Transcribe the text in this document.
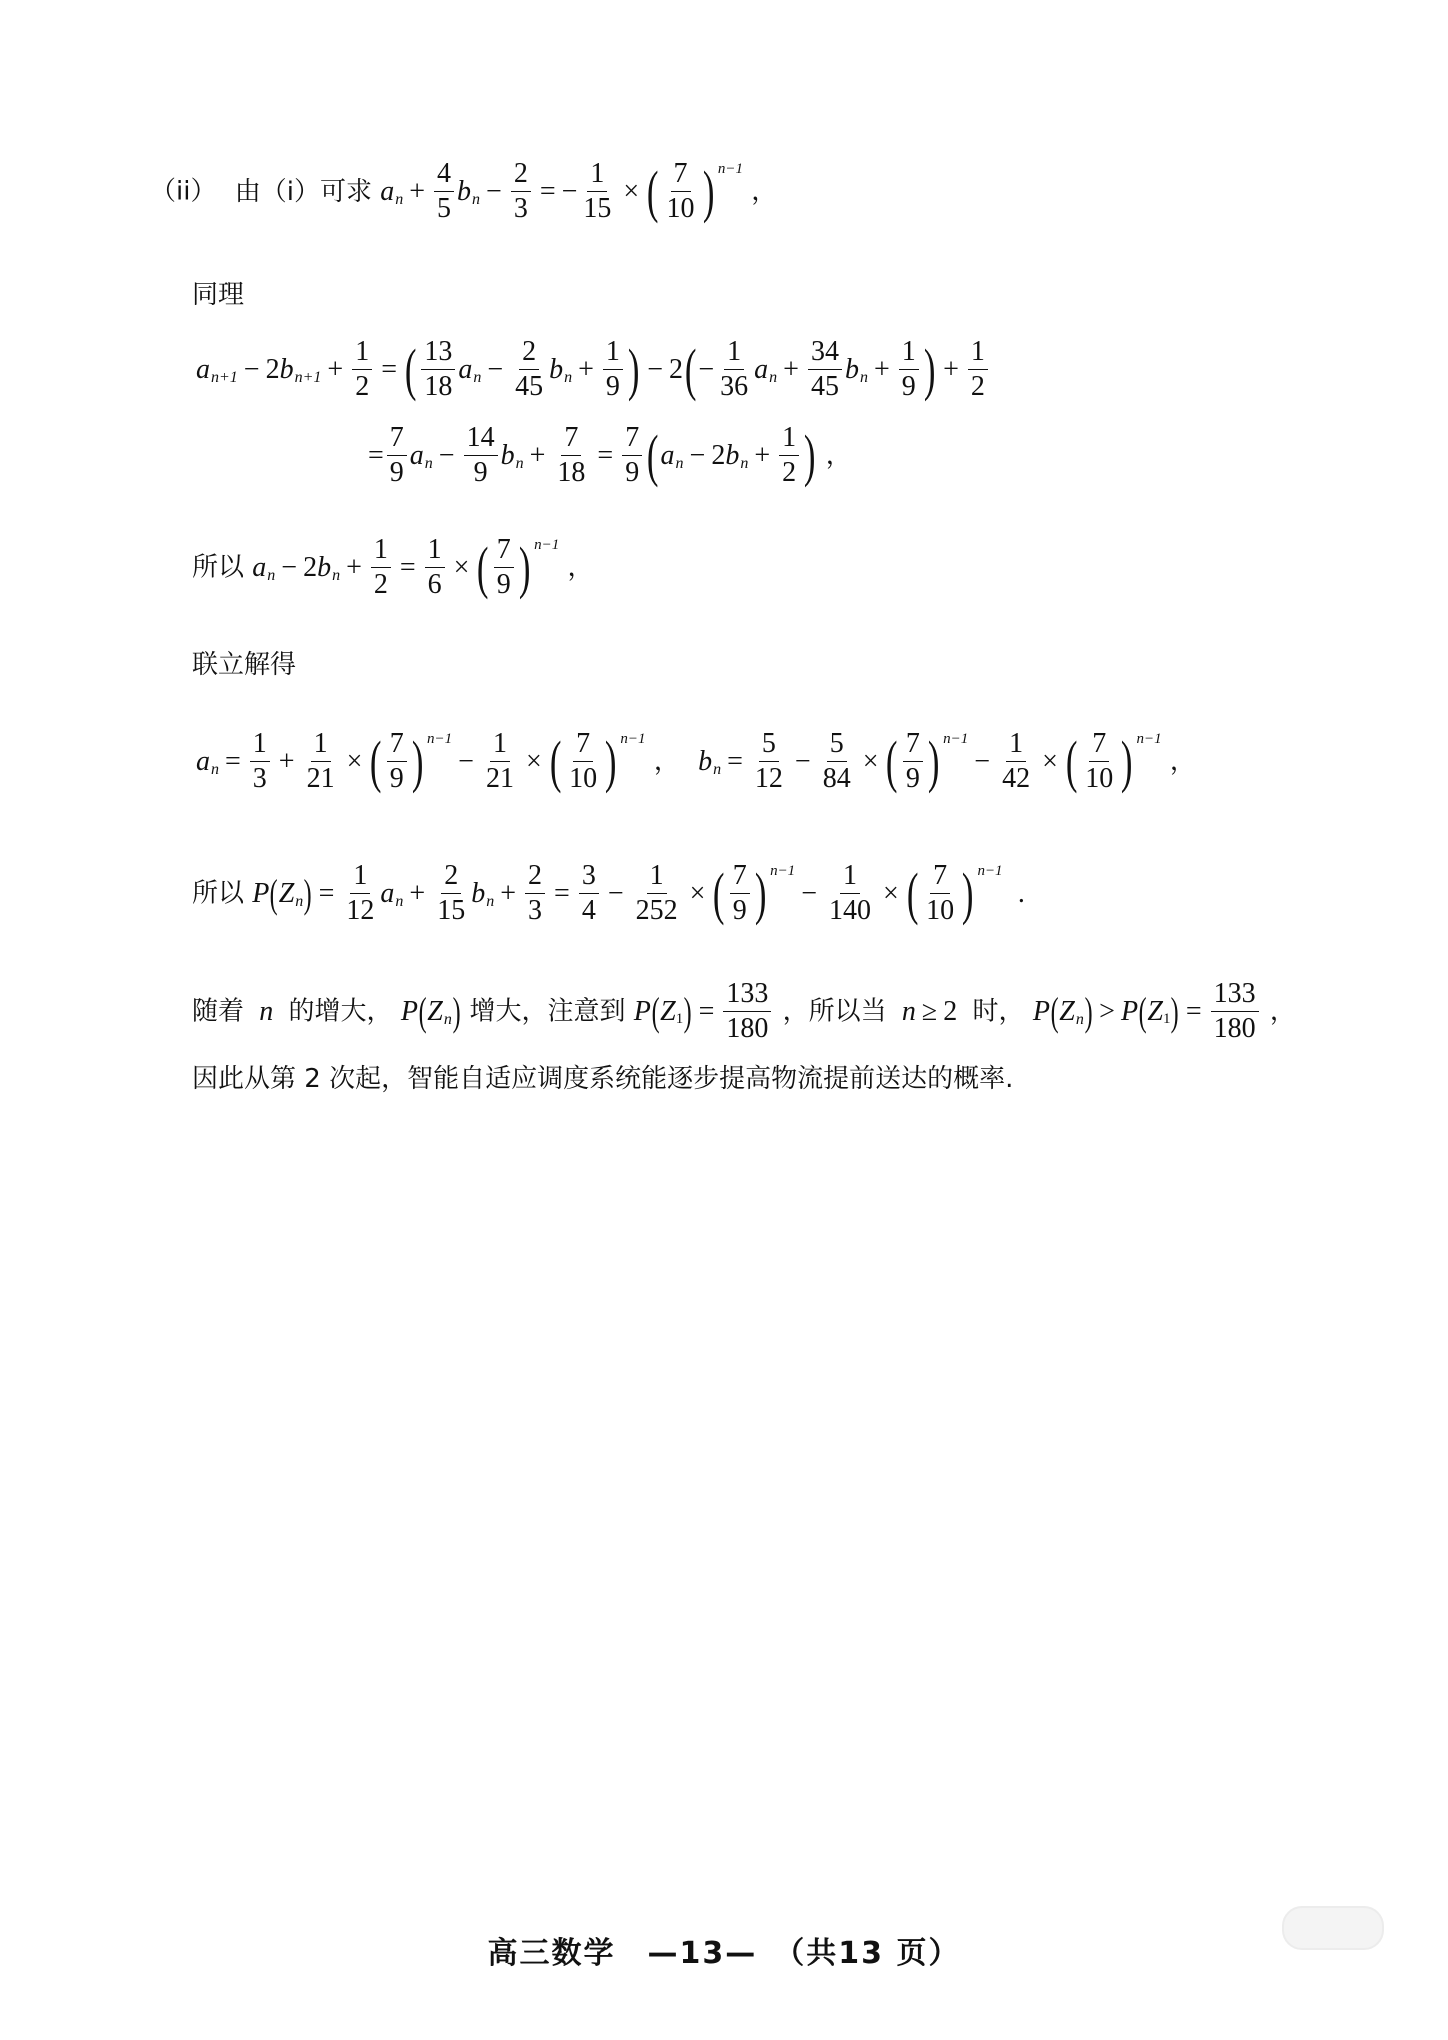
（ii） 由（i）可求 a $n + \frac{4}{5}$ b $n - \frac{2}{3}$ = − $\frac{1}{15}$ × ( $\frac{7}{10}$ ) n−1
，
同理
a n+1 − 2 b $n+1 + \frac{1}{2}$ = ( $\frac{13}{18}$ a $n - \frac{2}{45}$ b $n + \frac{1}{9}$ ) − 2 ( − $\frac{1}{36}$ a $n + \frac{34}{45}$ b $n + \frac{1}{9}$ ) + $\frac{1}{2}$
= $\frac{7}{9}$ a $n - \frac{14}{9}$ b $n + \frac{7}{18} = \frac{7}{9}$ ( a n − 2 b $n + \frac{1}{2}$ ) ，
所以 a n − 2 b $n + \frac{1}{2} = \frac{1}{6}$ × ( $\frac{7}{9}$ ) n−1
，
联立解得
a $n = \frac{1}{3} + \frac{1}{21}$ × ( $\frac{7}{9}$ ) n−1
− $\frac{1}{21}$ × ( $\frac{7}{10}$ ) n−1
， b $n = \frac{5}{12} - \frac{5}{84}$ × ( $\frac{7}{9}$ ) n−1
− $\frac{1}{42}$ × ( $\frac{7}{10}$ ) n−1
，
所以 P ( Z n ) = $\frac{1}{12}$ a $n + \frac{2}{15}$ b $n + \frac{2}{3} = \frac{3}{4} - \frac{1}{252}$ × ( $\frac{7}{9}$ ) n−1
− $\frac{1}{140}$ × ( $\frac{7}{10}$ ) n−1
.
随着  n  的增大， P ( Z n ) 增大，注意到 P ( Z 1 ) = $\frac{133}{180}$ ，所以当 n ≥ 2  时， P ( Z n ) > P ( Z 1 ) = $\frac{133}{180}$ ，
因此从第 2 次起，智能自适应调度系统能逐步提高物流提前送达的概率.
高三数学　—13—　（共13 页）
